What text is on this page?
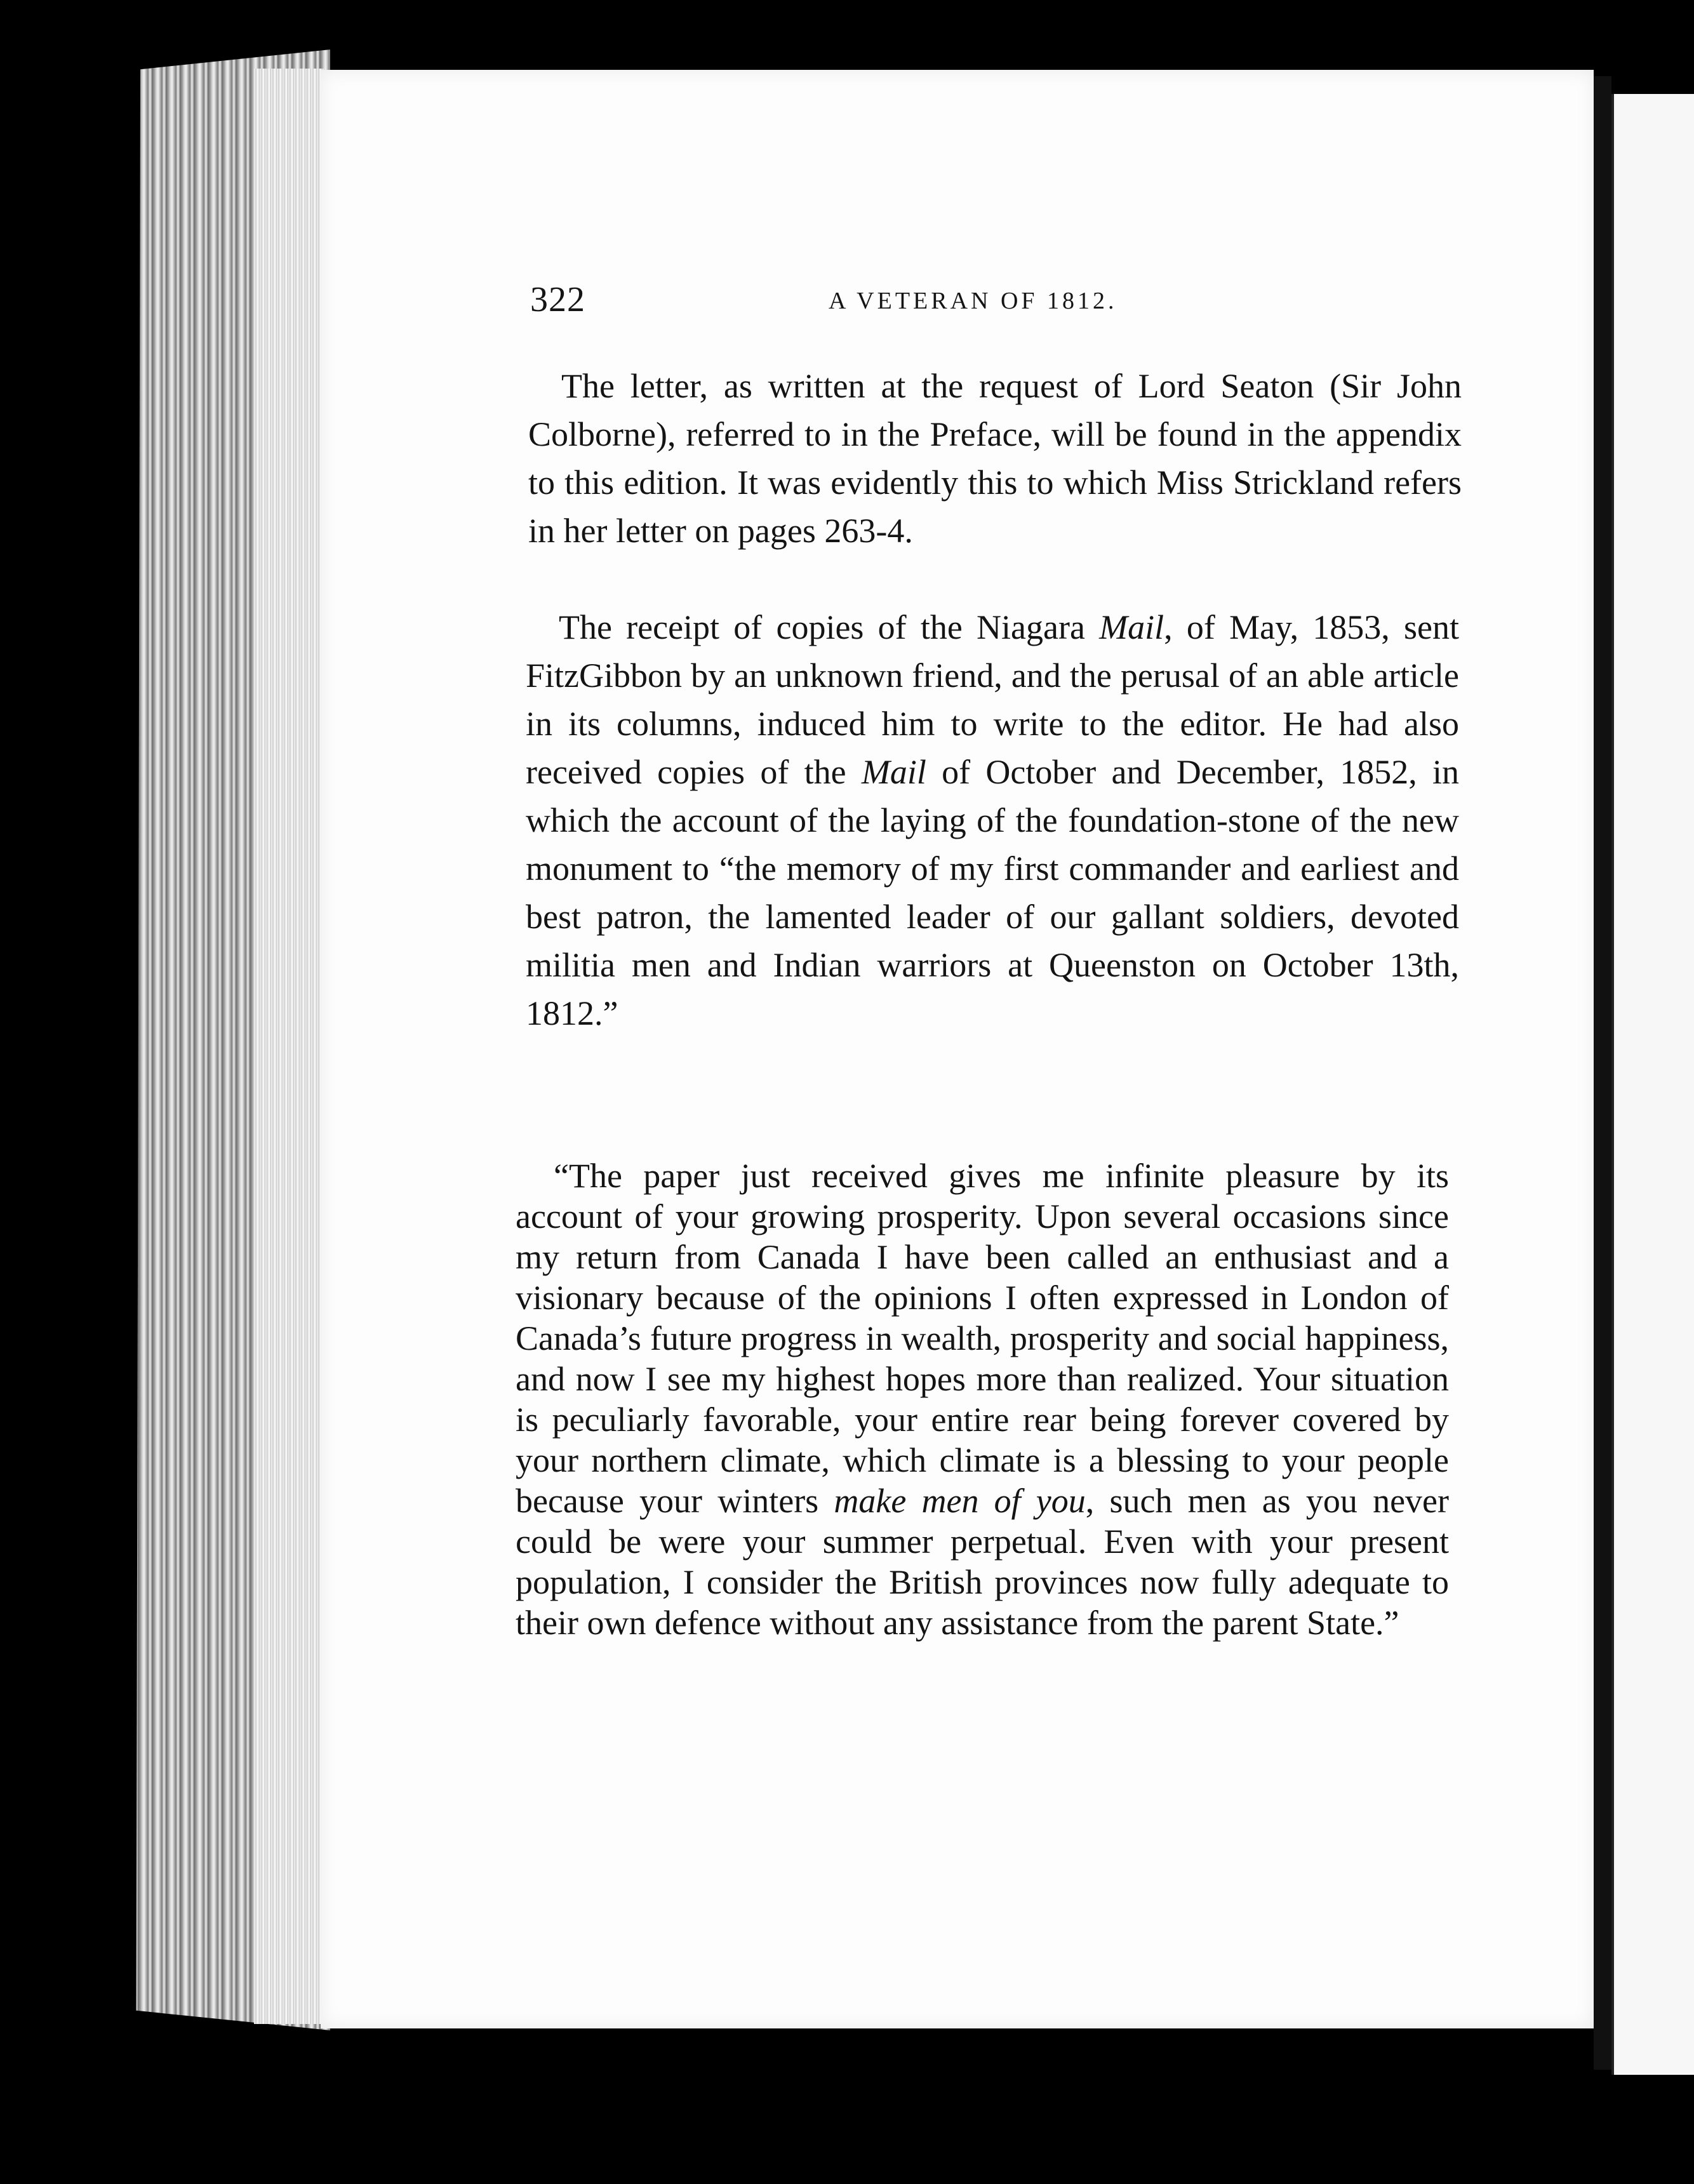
322	A VETERAN OF 1812.

The letter, as written at the request of Lord Seaton (Sir John Colborne), referred to in the Preface, will be found in the appendix to this edition. It was evidently this to which Miss Strickland refers in her letter on pages 263-4.

The receipt of copies of the Niagara Mail, of May, 1853, sent FitzGibbon by an unknown friend, and the perusal of an able article in its columns, induced him to write to the editor. He had also received copies of the Mail of October and December, 1852, in which the account of the laying of the foundation-stone of the new monument to “the memory of my first commander and earliest and best patron, the lamented leader of our gallant soldiers, devoted militia men and Indian warriors at Queenston on October 13th, 1812.”

“The paper just received gives me infinite pleasure by its account of your growing prosperity. Upon several occasions since my return from Canada I have been called an enthusiast and a visionary because of the opinions I often expressed in London of Canada’s future progress in wealth, prosperity and social happiness, and now I see my highest hopes more than realized. Your situation is peculiarly favorable, your entire rear being forever covered by your northern climate, which climate is a blessing to your people because your winters make men of you, such men as you never could be were your summer perpetual. Even with your present population, I consider the British provinces now fully adequate to their own defence without any assistance from the parent State.”
